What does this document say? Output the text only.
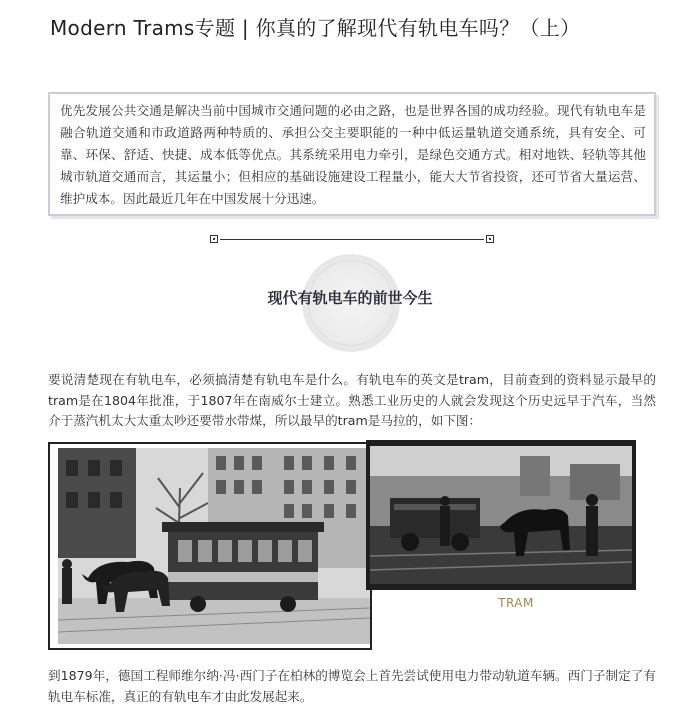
Modern Trams专题 | 你真的了解现代有轨电车吗？（上）
优先发展公共交通是解决当前中国城市交通问题的必由之路，也是世界各国的成功经验。现代有轨电车是融合轨道交通和市政道路两种特质的、承担公交主要职能的一种中低运量轨道交通系统，具有安全、可靠、环保、舒适、快捷、成本低等优点。其系统采用电力牵引，是绿色交通方式。相对地铁、轻轨等其他城市轨道交通而言，其运量小；但相应的基础设施建设工程量小，能大大节省投资，还可节省大量运营、维护成本。因此最近几年在中国发展十分迅速。
现代有轨电车的前世今生
要说清楚现在有轨电车，必须搞清楚有轨电车是什么。有轨电车的英文是tram，目前查到的资料显示最早的tram是在1804年批准，于1807年在南威尔士建立。熟悉工业历史的人就会发现这个历史远早于汽车，当然介于蒸汽机太大太重太吵还要带水带煤，所以最早的tram是马拉的，如下图：
TRAM
到1879年，德国工程师维尔纳·冯·西门子在柏林的博览会上首先尝试使用电力带动轨道车辆。西门子制定了有轨电车标准，真正的有轨电车才由此发展起来。
